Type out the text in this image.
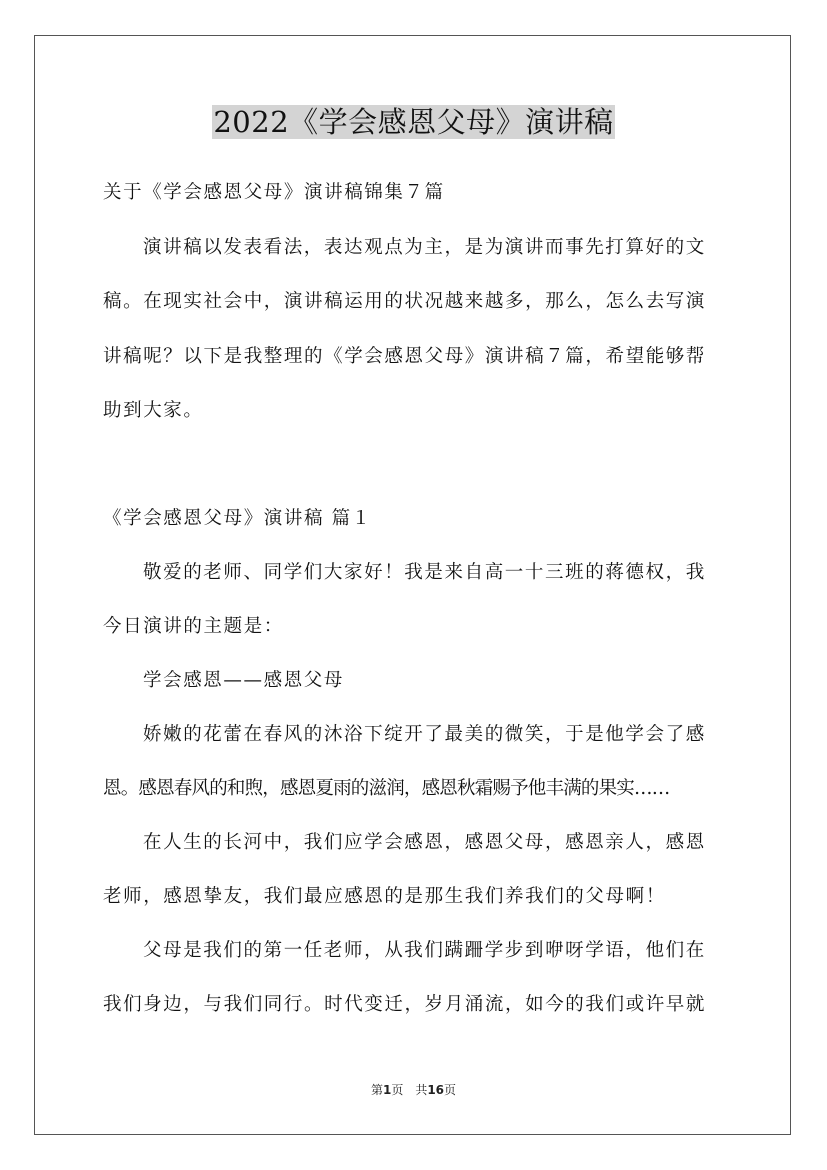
2022《学会感恩父母》演讲稿
关于《学会感恩父母》演讲稿锦集７篇
演讲稿以发表看法，表达观点为主，是为演讲而事先打算好的文
稿。在现实社会中，演讲稿运用的状况越来越多，那么，怎么去写演
讲稿呢？以下是我整理的《学会感恩父母》演讲稿７篇，希望能够帮
助到大家。
《学会感恩父母》演讲稿 篇１
敬爱的老师、同学们大家好！我是来自高一十三班的蒋德权，我
今日演讲的主题是：
学会感恩——感恩父母
娇嫩的花蕾在春风的沐浴下绽开了最美的微笑，于是他学会了感
恩。感恩春风的和煦，感恩夏雨的滋润，感恩秋霜赐予他丰满的果实……
在人生的长河中，我们应学会感恩，感恩父母，感恩亲人，感恩
老师，感恩挚友，我们最应感恩的是那生我们养我们的父母啊！
父母是我们的第一任老师，从我们蹒跚学步到咿呀学语，他们在
我们身边，与我们同行。时代变迁，岁月涌流，如今的我们或许早就
第1页　共16页
